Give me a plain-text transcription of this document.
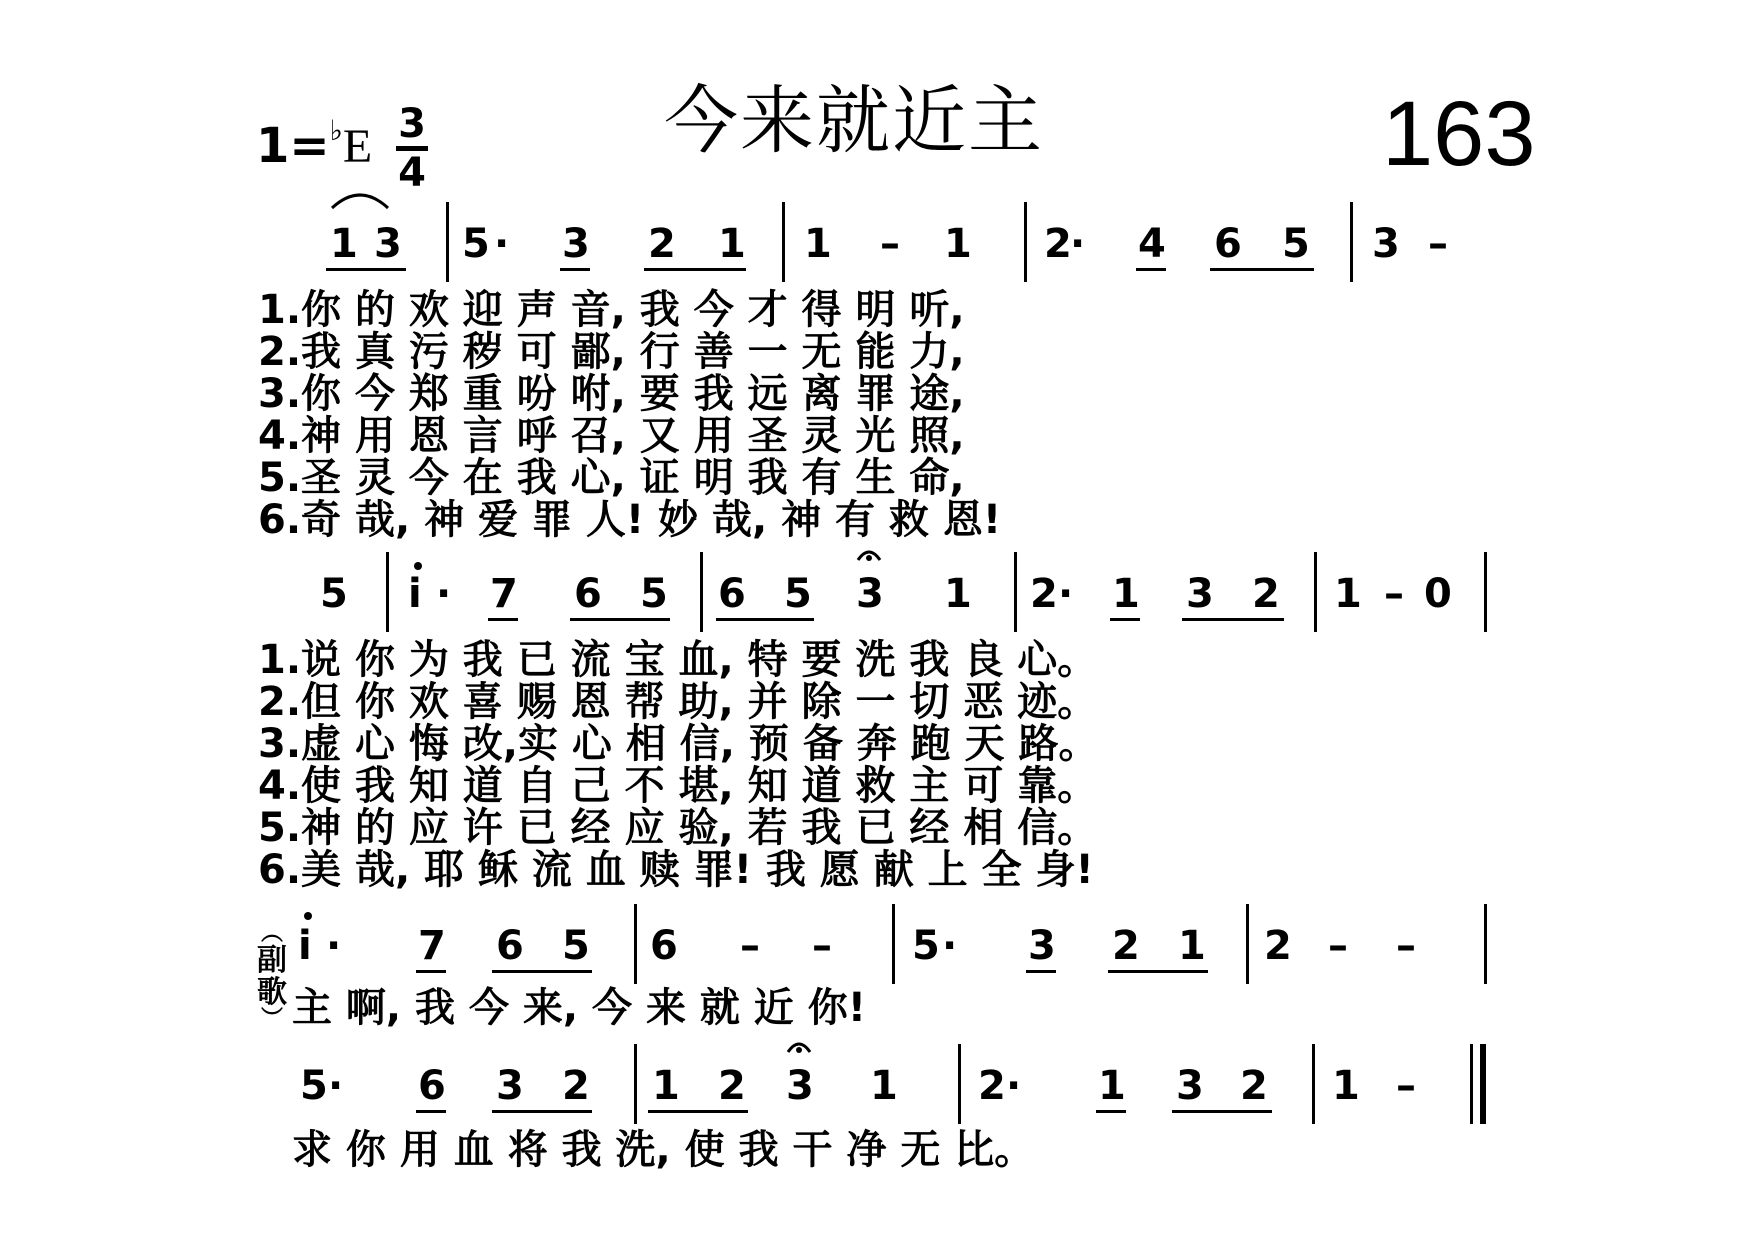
今来就近主	163
1=♭E 3
4
1 3 5 · 3 2 1 1 – 1 2
· 4 6 5 3 –
1.你 的 欢 迎 声 音, 我 今 才 得 明 听,
2.我 真 污 秽 可 鄙, 行 善 一 无 能 力,
3.你 今 郑 重 吩 咐, 要 我 远 离 罪 途,
4.神 用 恩 言 呼 召, 又 用 圣 灵 光 照,
5.圣 灵 今 在 我 心, 证 明 我 有 生 命,
6.奇 哉, 神 爱 罪 人! 妙 哉, 神 有 救 恩!
5 i · 7 6 5 6 5 3 1 2 · 1 3 2 1 – 0
1.说 你 为 我 已 流 宝 血, 特 要 洗 我 良 心。
2.但 你 欢 喜 赐 恩 帮 助, 并 除 一 切 恶 迹。
3.虚 心 悔 改,实 心 相 信, 预 备 奔 跑 天 路。
4.使 我 知 道 自 己 不 堪, 知 道 救 主 可 靠。
5.神 的 应 许 已 经 应 验, 若 我 已 经 相 信。
6.美 哉, 耶 稣 流 血 赎 罪! 我 愿 献 上 全 身!
︵
副歌
︶
i · 7 6 5 6 – – 5 · 3 2 1 2 – –
主 啊, 我 今 来, 今 来 就 近 你!
5 · 6 3 2 1 2 3 1 2 · 1 3 2 1 –
求 你 用 血 将 我 洗, 使 我 干 净 无 比。
